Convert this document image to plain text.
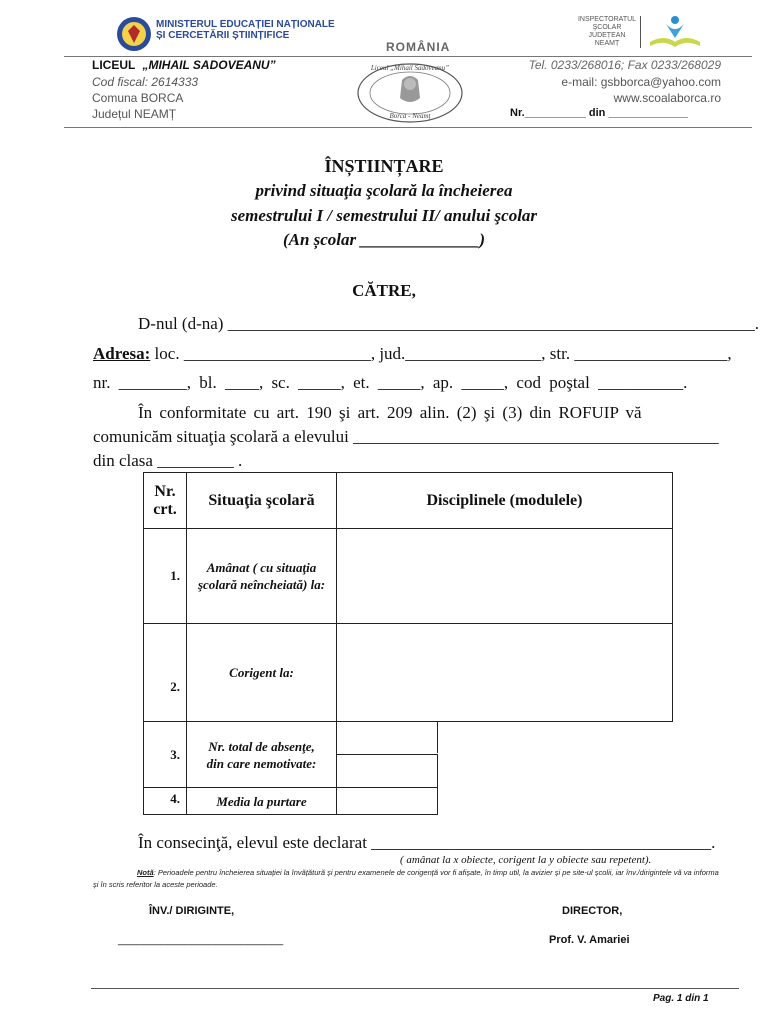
MINISTERUL EDUCAȚIEI NAȚIONALE
ȘI CERCETĂRII ȘTIINȚIFICE
ROMÂNIA
INSPECTORATUL
ŞCOLAR
JUDEȚEAN
NEAMȚ
LICEUL „MIHAIL SADOVEANU”
Cod fiscal: 2614333
Comuna BORCA
Județul NEAMȚ
Liceul „Mihail Sadoveanu”
Borca - Neamț
Tel. 0233/268016; Fax 0233/268029
e-mail: gsbborca@yahoo.com
www.scoalaborca.ro
Nr.__________ din _____________
ÎNȘTIINȚARE
privind situaţia şcolară la încheierea
semestrului I / semestrului II/ anului şcolar
(An școlar ______________)
CĂTRE,
D-nul (d-na) ______________________________________________________________.
Adresa: loc. ______________________, jud.________________, str. __________________,
nr. ________, bl. ____, sc. _____, et. _____, ap. _____, cod poştal __________.
În conformitate cu art. 190 şi art. 209 alin. (2) şi (3) din ROFUIP vă
comunicăm situaţia şcolară a elevului ___________________________________________
din clasa _________ .
Nr. crt.	Situaţia şcolară	Disciplinele (modulele)
1.	Amânat ( cu situaţia şcolară neîncheiată) la:	
2.	Corigent la:	
3.	Nr. total de absenţe, din care nemotivate:	

4.	Media la purtare	
În consecinţă, elevul este declarat ________________________________________.
( amânat la x obiecte, corigent la y obiecte sau repetent).
Notă: Perioadele pentru încheierea situației la învățătură și pentru examenele de corigență vor fi afișate, în timp util, la avizier și pe site-ul școlii, iar înv./dirigintele vă va informa și în scris referitor la aceste perioade.
ÎNV./ DIRIGINTE,
___________________________
DIRECTOR,
Prof. V. Amariei
Pag. 1 din 1
